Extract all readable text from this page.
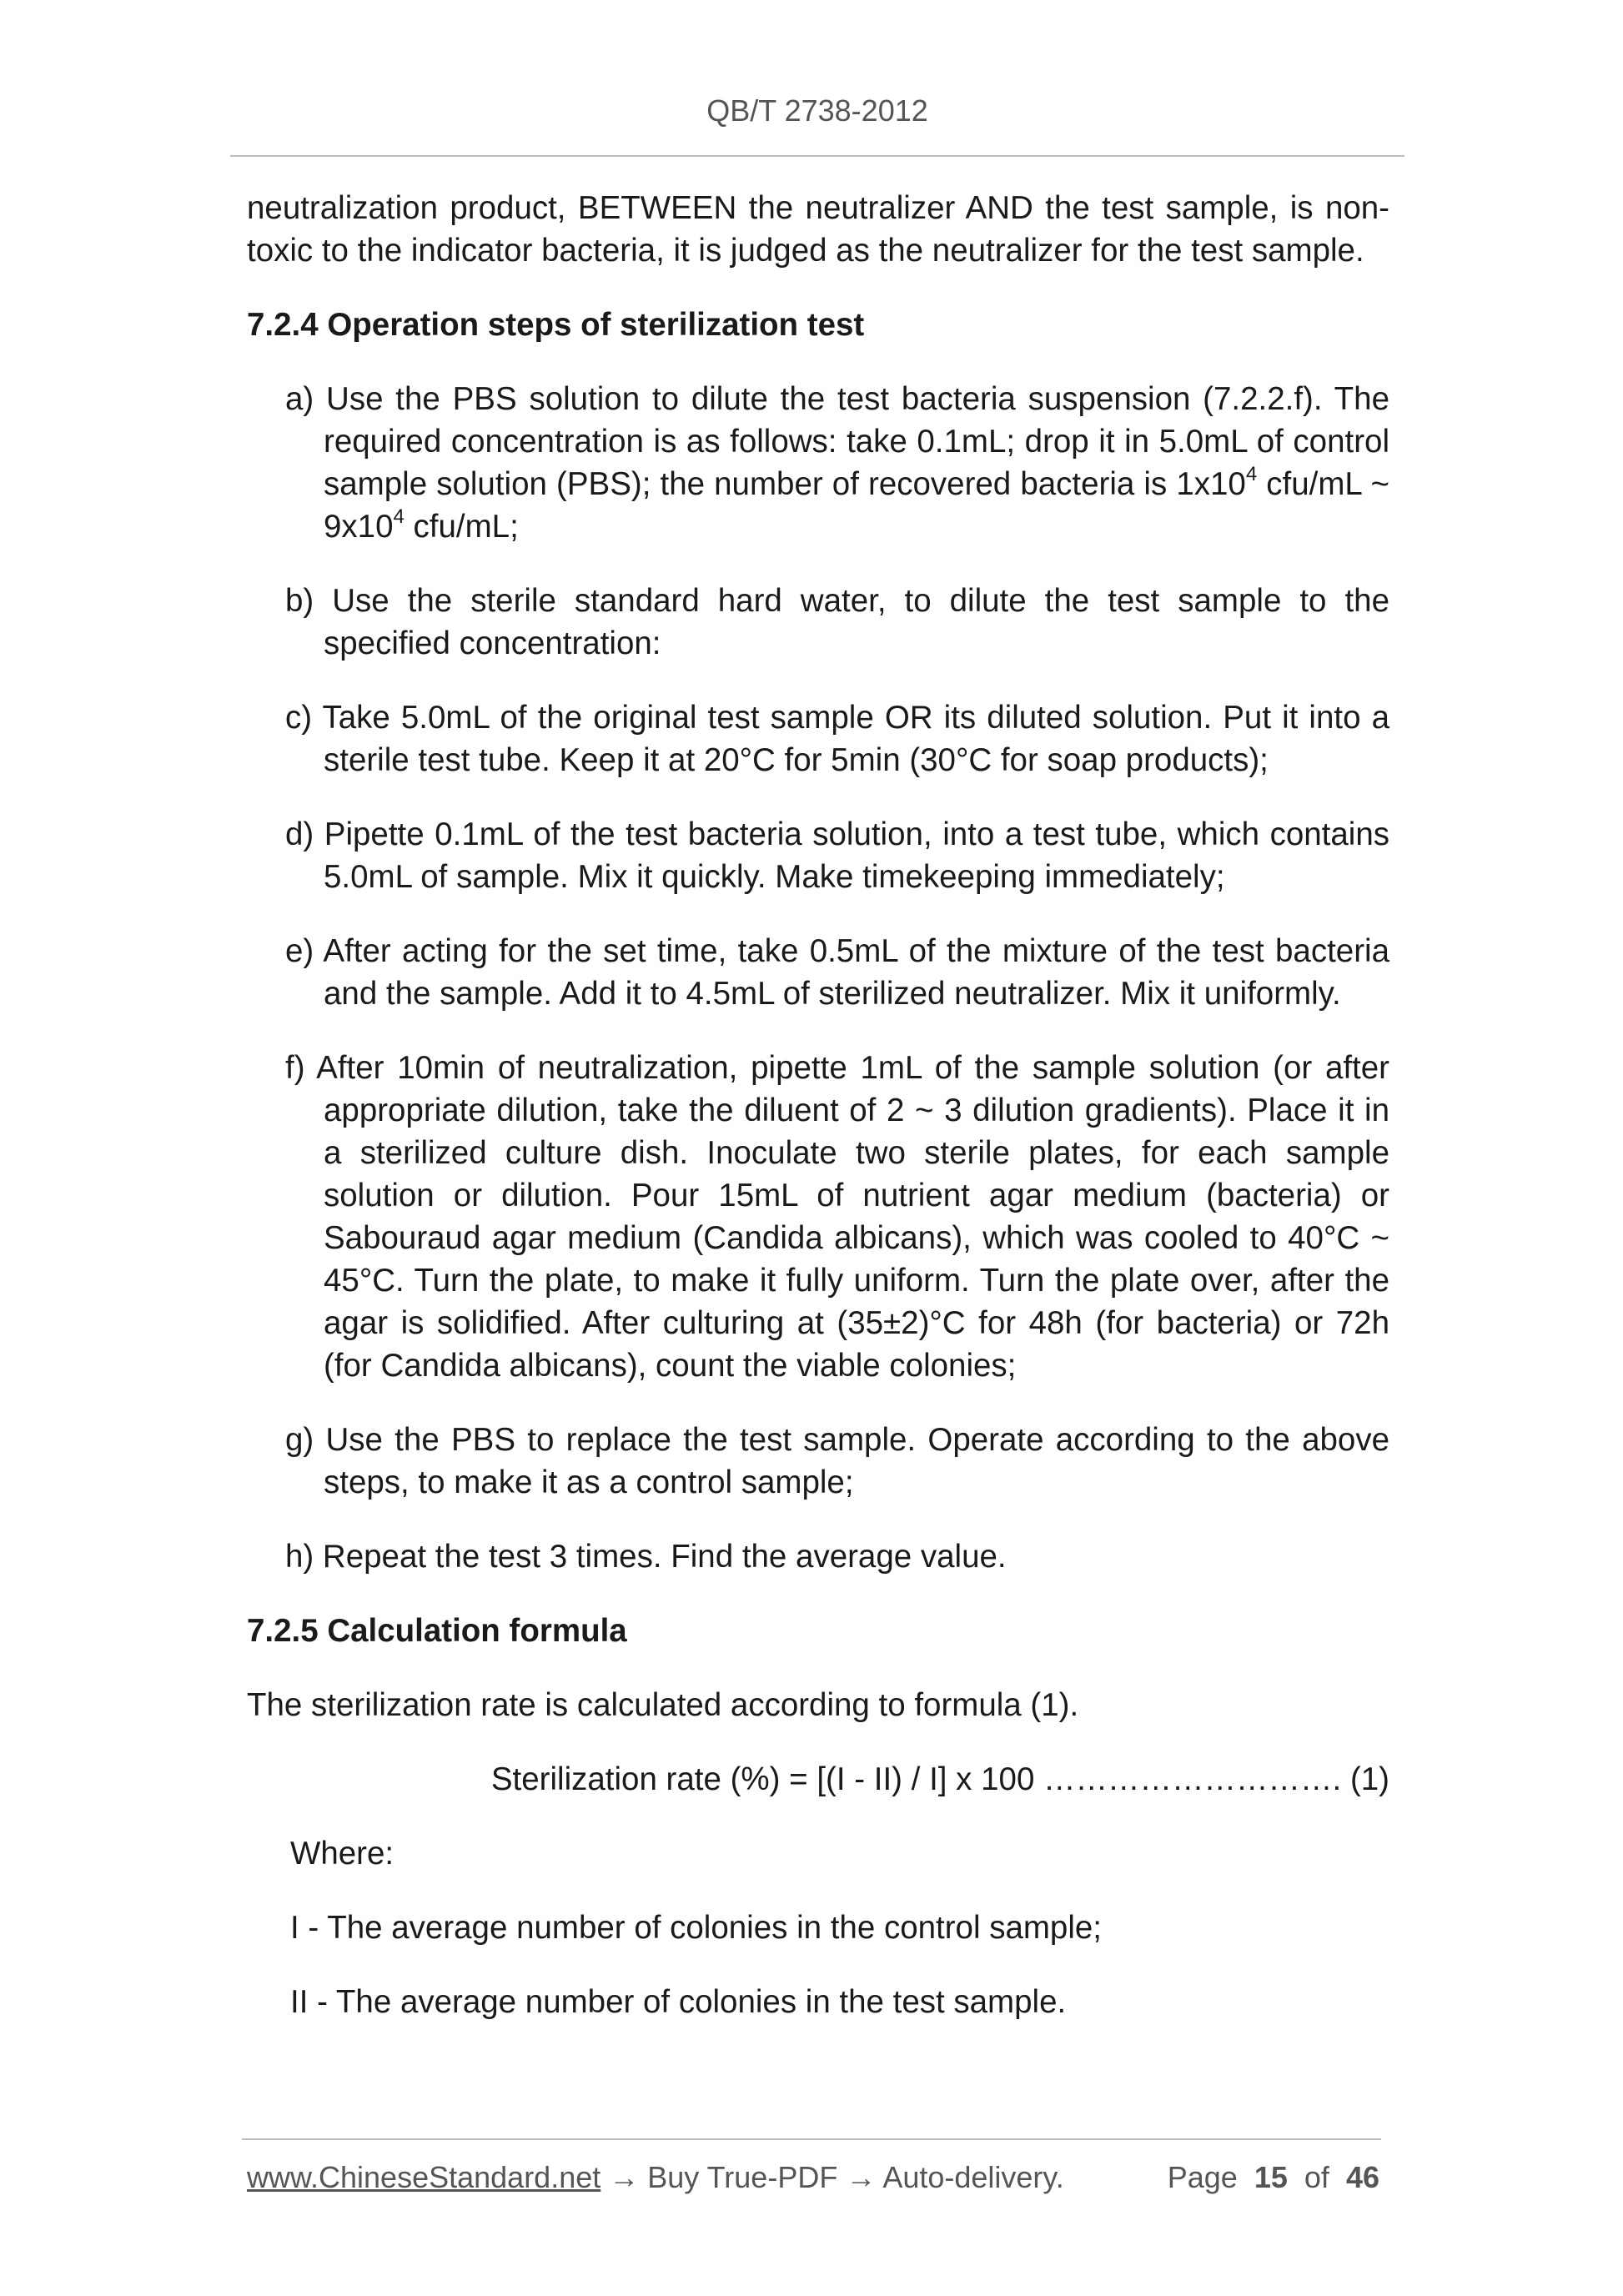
QB/T 2738-2012

neutralization product, BETWEEN the neutralizer AND the test sample, is non-toxic to the indicator bacteria, it is judged as the neutralizer for the test sample.

7.2.4 Operation steps of sterilization test

a) Use the PBS solution to dilute the test bacteria suspension (7.2.2.f). The required concentration is as follows: take 0.1mL; drop it in 5.0mL of control sample solution (PBS); the number of recovered bacteria is $1x10^4$ cfu/mL ~ $9x10^4$ cfu/mL;

b) Use the sterile standard hard water, to dilute the test sample to the specified concentration:

c) Take 5.0mL of the original test sample OR its diluted solution. Put it into a sterile test tube. Keep it at 20°C for 5min (30°C for soap products);

d) Pipette 0.1mL of the test bacteria solution, into a test tube, which contains 5.0mL of sample. Mix it quickly. Make timekeeping immediately;

e) After acting for the set time, take 0.5mL of the mixture of the test bacteria and the sample. Add it to 4.5mL of sterilized neutralizer. Mix it uniformly.

f) After 10min of neutralization, pipette 1mL of the sample solution (or after appropriate dilution, take the diluent of 2 ~ 3 dilution gradients). Place it in a sterilized culture dish. Inoculate two sterile plates, for each sample solution or dilution. Pour 15mL of nutrient agar medium (bacteria) or Sabouraud agar medium (Candida albicans), which was cooled to 40°C ~ 45°C. Turn the plate, to make it fully uniform. Turn the plate over, after the agar is solidified. After culturing at (35±2)°C for 48h (for bacteria) or 72h (for Candida albicans), count the viable colonies;

g) Use the PBS to replace the test sample. Operate according to the above steps, to make it as a control sample;

h) Repeat the test 3 times. Find the average value.

7.2.5 Calculation formula

The sterilization rate is calculated according to formula (1).

Sterilization rate (%) = [(I - II) / I] x 100 ………………………. (1)

Where:

I - The average number of colonies in the control sample;

II - The average number of colonies in the test sample.

www.ChineseStandard.net → Buy True-PDF → Auto-delivery.	Page 15 of 46
